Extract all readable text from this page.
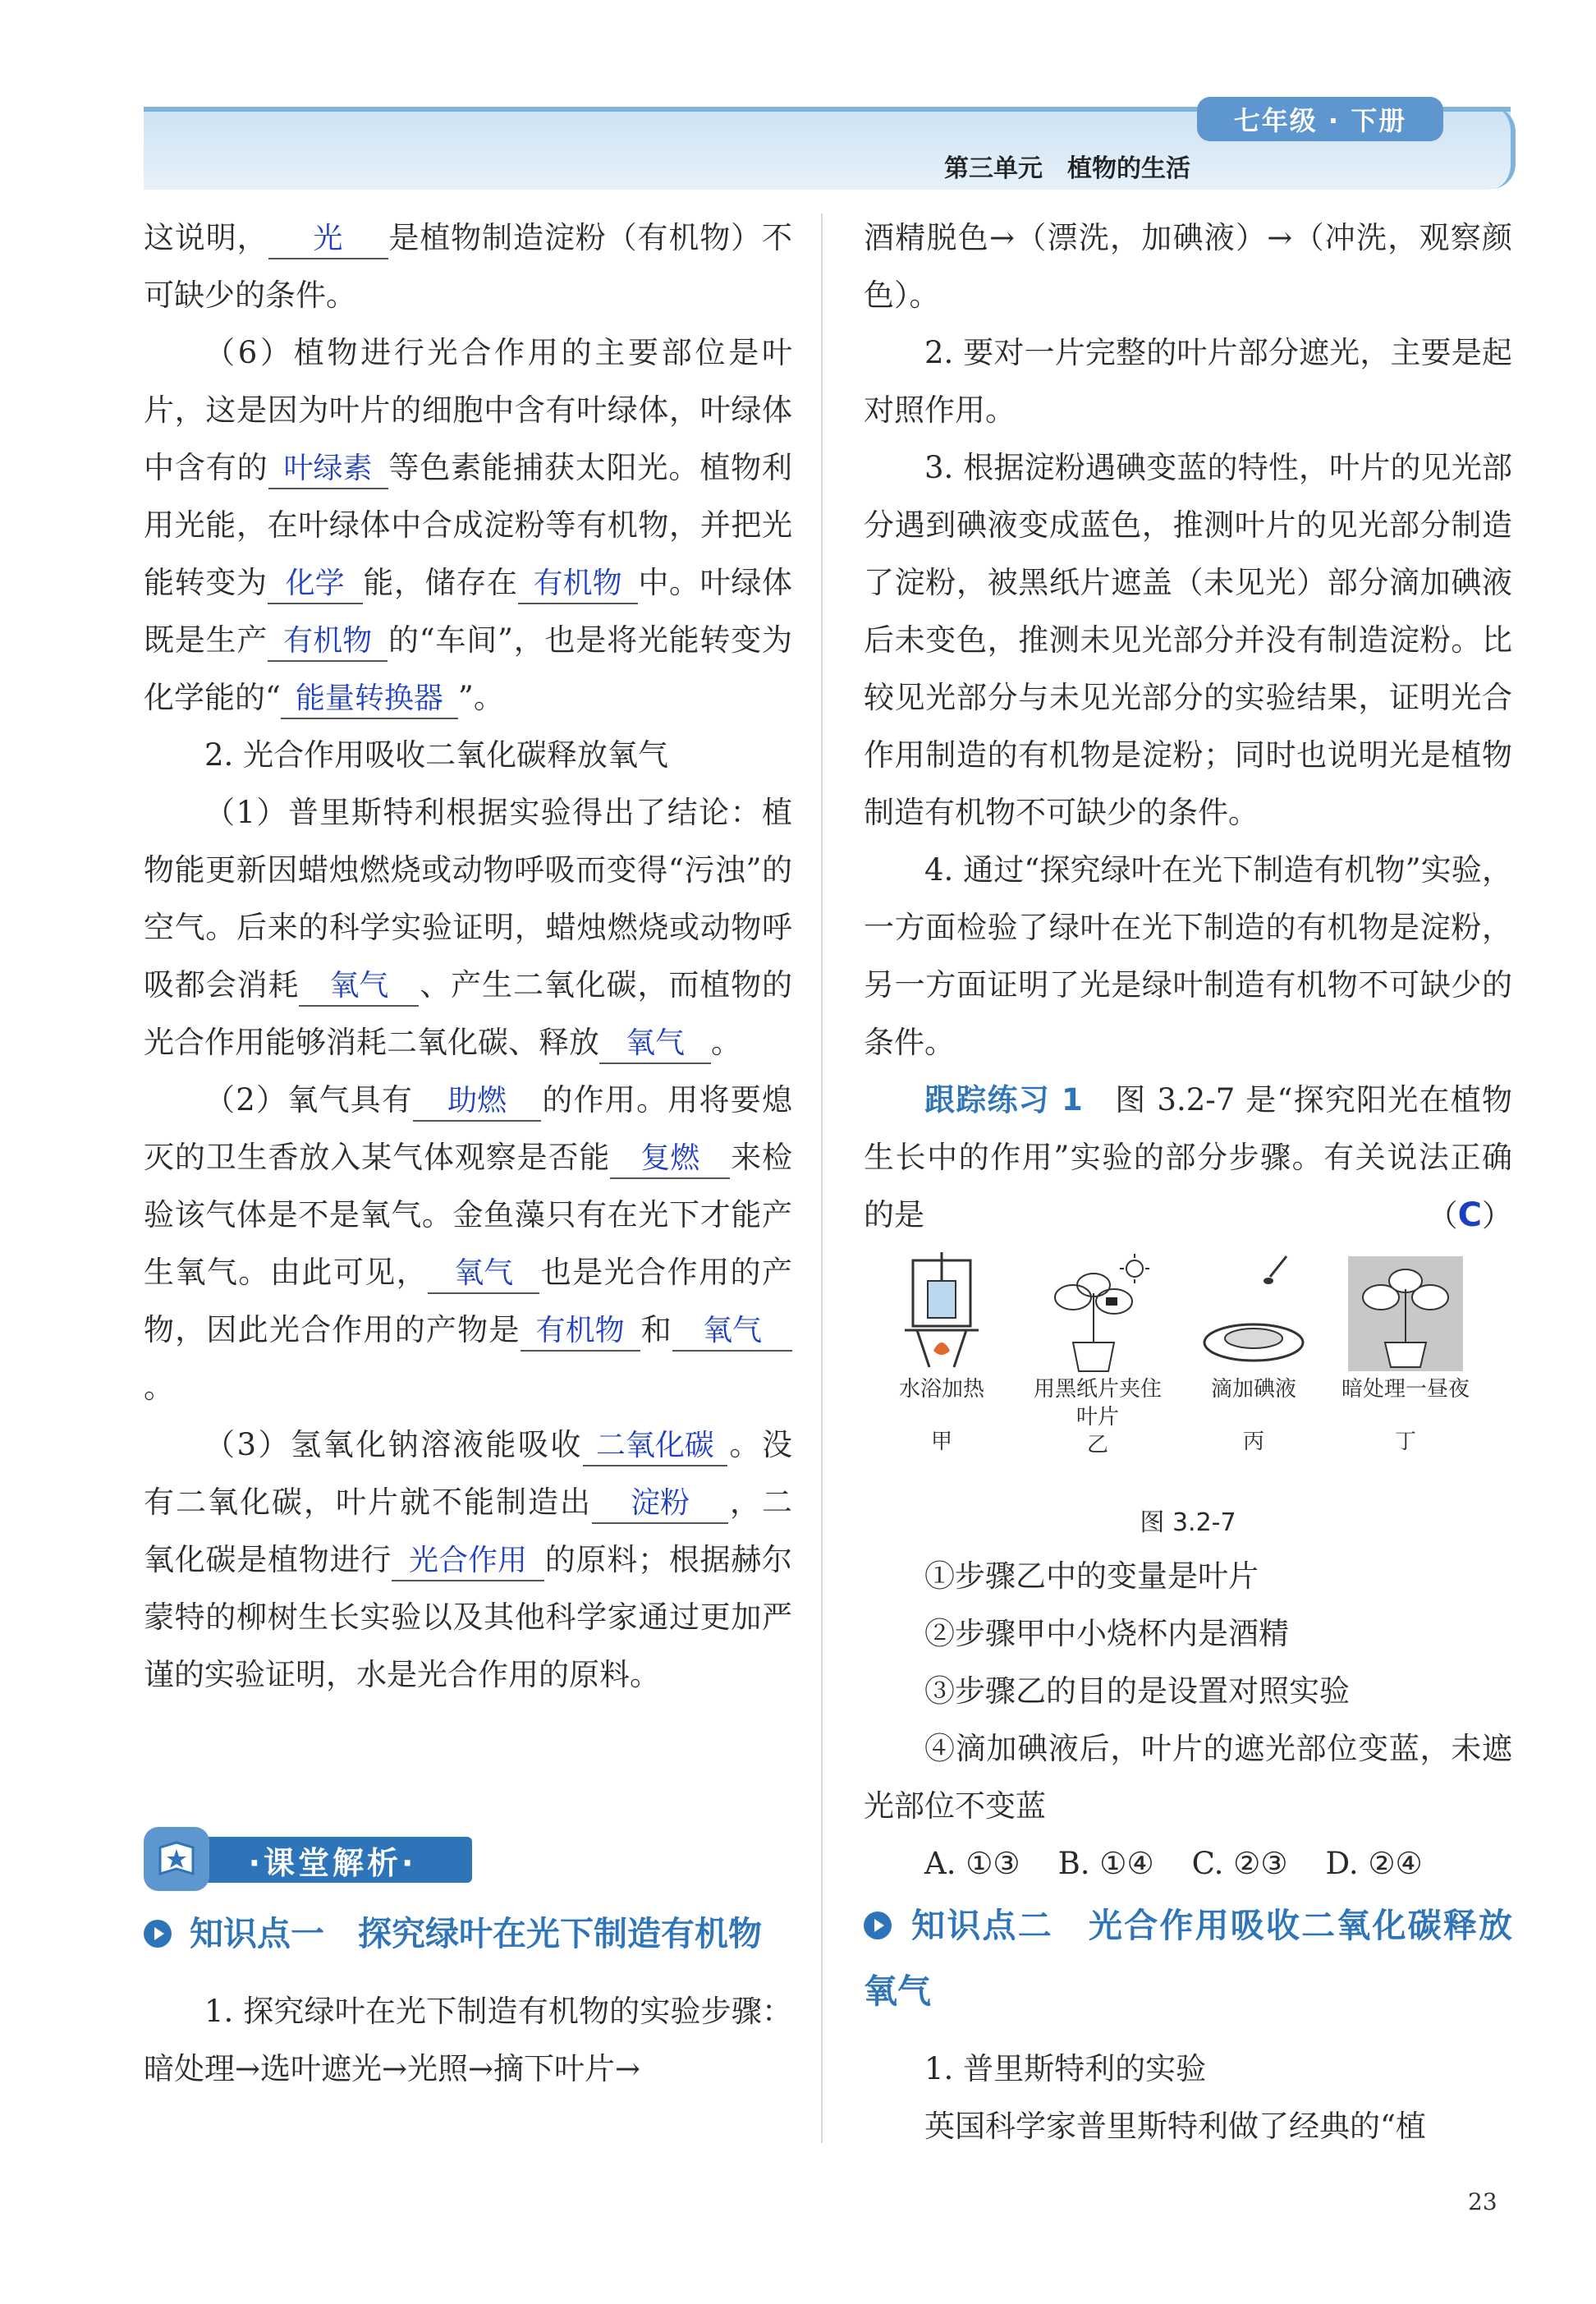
七年级 · 下册
第三单元　植物的生活

这说明， 光 是植物制造淀粉（有机物）不可缺少的条件。

（6）植物进行光合作用的主要部位是叶片，这是因为叶片的细胞中含有叶绿体，叶绿体中含有的 叶绿素 等色素能捕获太阳光。植物利用光能，在叶绿体中合成淀粉等有机物，并把光能转变为 化学 能，储存在 有机物 中。叶绿体既是生产 有机物 的“车间”，也是将光能转变为化学能的“ 能量转换器 ”。

2. 光合作用吸收二氧化碳释放氧气

（1）普里斯特利根据实验得出了结论：植物能更新因蜡烛燃烧或动物呼吸而变得“污浊”的空气。后来的科学实验证明，蜡烛燃烧或动物呼吸都会消耗 氧气 、产生二氧化碳，而植物的光合作用能够消耗二氧化碳、释放 氧气 。

（2）氧气具有 助燃 的作用。用将要熄灭的卫生香放入某气体观察是否能 复燃 来检验该气体是不是氧气。金鱼藻只有在光下才能产生氧气。由此可见， 氧气 也是光合作用的产物，因此光合作用的产物是 有机物 和 氧气。

（3）氢氧化钠溶液能吸收 二氧化碳 。没有二氧化碳，叶片就不能制造出 淀粉 ，二氧化碳是植物进行 光合作用 的原料；根据赫尔蒙特的柳树生长实验以及其他科学家通过更加严谨的实验证明，水是光合作用的原料。

·课堂解析·

知识点一　探究绿叶在光下制造有机物

1. 探究绿叶在光下制造有机物的实验步骤：暗处理→选叶遮光→光照→摘下叶片→

酒精脱色→（漂洗，加碘液）→（冲洗，观察颜色）。

2. 要对一片完整的叶片部分遮光，主要是起对照作用。

3. 根据淀粉遇碘变蓝的特性，叶片的见光部分遇到碘液变成蓝色，推测叶片的见光部分制造了淀粉，被黑纸片遮盖（未见光）部分滴加碘液后未变色，推测未见光部分并没有制造淀粉。比较见光部分与未见光部分的实验结果，证明光合作用制造的有机物是淀粉；同时也说明光是植物制造有机物不可缺少的条件。

4. 通过“探究绿叶在光下制造有机物”实验，一方面检验了绿叶在光下制造的有机物是淀粉，另一方面证明了光是绿叶制造有机物不可缺少的条件。

跟踪练习 1　 图 3.2-7 是“探究阳光在植物生长中的作用”实验的部分步骤。有关说法正确的是	（C）

水浴加热
甲
用黑纸片夹住叶片
乙
滴加碘液
丙
暗处理一昼夜
丁
图 3.2-7

①步骤乙中的变量是叶片

②步骤甲中小烧杯内是酒精

③步骤乙的目的是设置对照实验

④滴加碘液后，叶片的遮光部位变蓝，未遮光部位不变蓝

A. ①③ B. ①④ C. ②③ D. ②④

知识点二　光合作用吸收二氧化碳释放氧气

1. 普里斯特利的实验

英国科学家普里斯特利做了经典的“植

23
